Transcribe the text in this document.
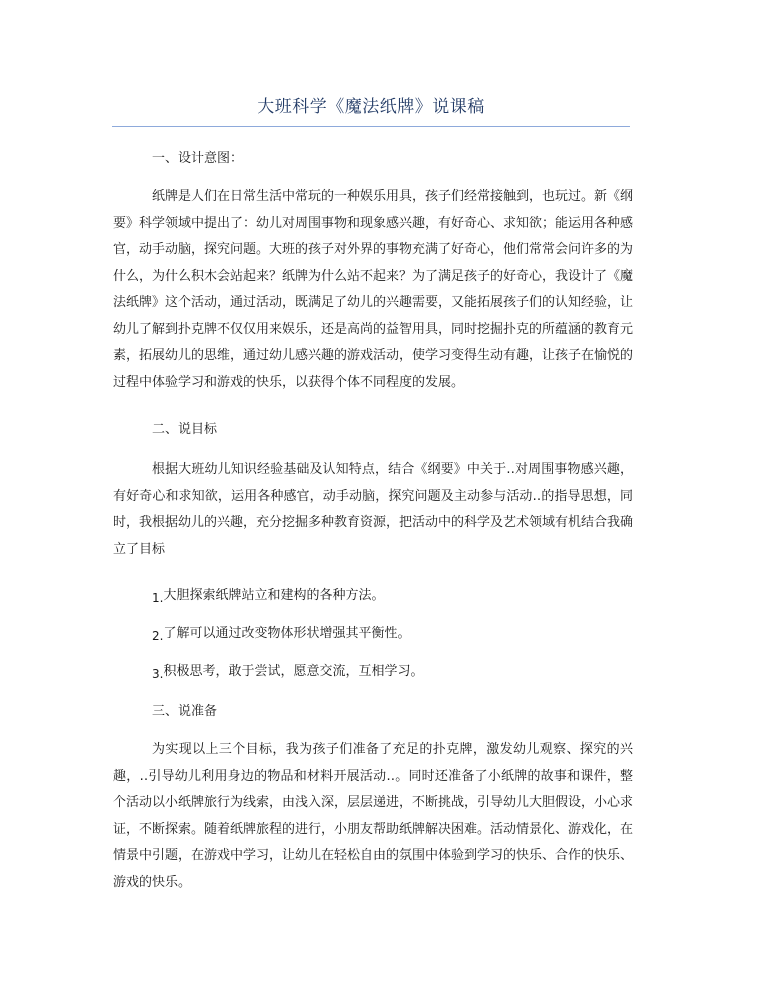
大班科学《魔法纸牌》说课稿
一、设计意图：

纸牌是人们在日常生活中常玩的一种娱乐用具，孩子们经常接触到，也玩过。新《纲要》科学领域中提出了：幼儿对周围事物和现象感兴趣，有好奇心、求知欲；能运用各种感官，动手动脑，探究问题。大班的孩子对外界的事物充满了好奇心，他们常常会问许多的为什么，为什么积木会站起来？纸牌为什么站不起来？为了满足孩子的好奇心，我设计了《魔法纸牌》这个活动，通过活动，既满足了幼儿的兴趣需要，又能拓展孩子们的认知经验，让幼儿了解到扑克牌不仅仅用来娱乐，还是高尚的益智用具，同时挖掘扑克的所蕴涵的教育元素，拓展幼儿的思维，通过幼儿感兴趣的游戏活动，使学习变得生动有趣，让孩子在愉悦的过程中体验学习和游戏的快乐，以获得个体不同程度的发展。

二、说目标

根据大班幼儿知识经验基础及认知特点，结合《纲要》中关于‥对周围事物感兴趣，有好奇心和求知欲，运用各种感官，动手动脑，探究问题及主动参与活动‥的指导思想，同时，我根据幼儿的兴趣，充分挖掘多种教育资源，把活动中的科学及艺术领域有机结合我确立了目标

1.大胆探索纸牌站立和建构的各种方法。
2.了解可以通过改变物体形状增强其平衡性。
3.积极思考，敢于尝试，愿意交流，互相学习。
三、说准备

为实现以上三个目标，我为孩子们准备了充足的扑克牌，激发幼儿观察、探究的兴趣，‥引导幼儿利用身边的物品和材料开展活动‥。同时还准备了小纸牌的故事和课件，整个活动以小纸牌旅行为线索，由浅入深，层层递进，不断挑战，引导幼儿大胆假设，小心求证，不断探索。随着纸牌旅程的进行，小朋友帮助纸牌解决困难。活动情景化、游戏化，在情景中引题，在游戏中学习，让幼儿在轻松自由的氛围中体验到学习的快乐、合作的快乐、游戏的快乐。
